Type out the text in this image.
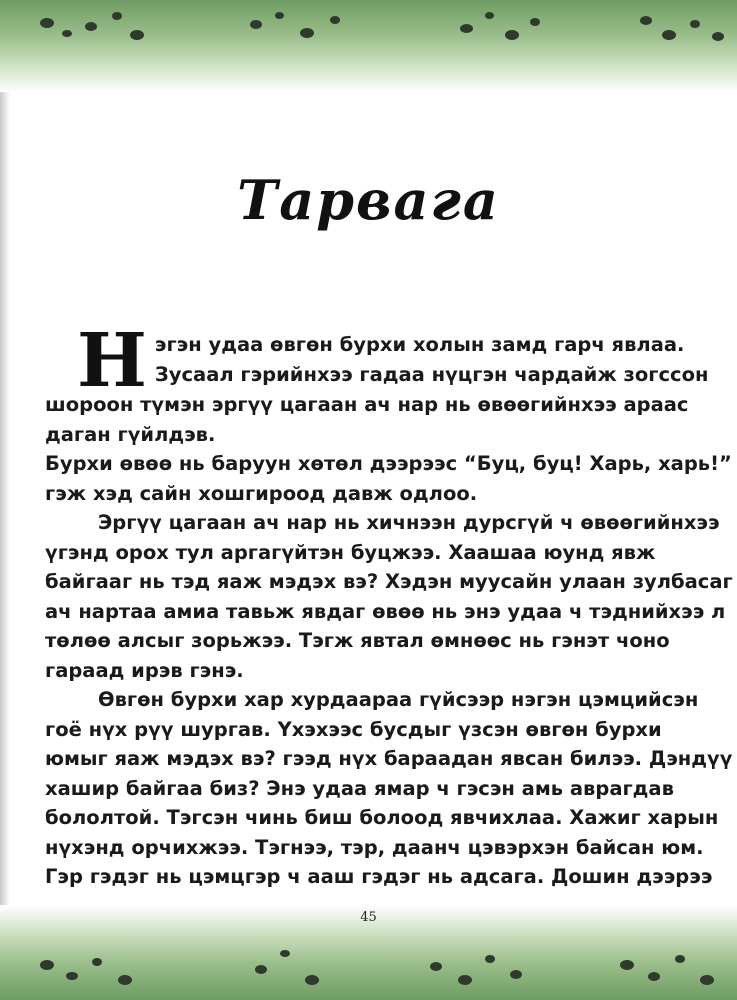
Тарвага
Н эгэн удаа өвгөн бурхи холын замд гарч явлаа.
Зусаал гэрийнхээ гадаа нүцгэн чардайж зогссон
шороон түмэн эргүү цагаан ач нар нь өвөөгийнхээ араас
даган гүйлдэв.
Бурхи өвөө нь баруун хөтөл дээрээс “Буц, буц! Харь, харь!”
гэж хэд сайн хошгироод давж одлоо.
Эргүү цагаан ач нар нь хичнээн дурсгүй ч өвөөгийнхээ
үгэнд орох тул аргагүйтэн буцжээ. Хаашаа юунд явж
байгааг нь тэд яаж мэдэх вэ? Хэдэн муусайн улаан зулбасаг
ач нартаа амиа тавьж явдаг өвөө нь энэ удаа ч тэднийхээ л
төлөө алсыг зорьжээ. Тэгж явтал өмнөөс нь гэнэт чоно
гараад ирэв гэнэ.
Өвгөн бурхи хар хурдаараа гүйсээр нэгэн цэмцийсэн
гоё нүх рүү шургав. Үхэхээс бусдыг үзсэн өвгөн бурхи
юмыг яаж мэдэх вэ? гээд нүх бараадан явсан билээ. Дэндүү
хашир байгаа биз? Энэ удаа ямар ч гэсэн амь аврагдав
бололтой. Тэгсэн чинь биш болоод явчихлаа. Хажиг харын
нүхэнд орчихжээ. Тэгнээ, тэр, даанч цэвэрхэн байсан юм.
Гэр гэдэг нь цэмцгэр ч ааш гэдэг нь адсага. Дошин дээрээ
45
